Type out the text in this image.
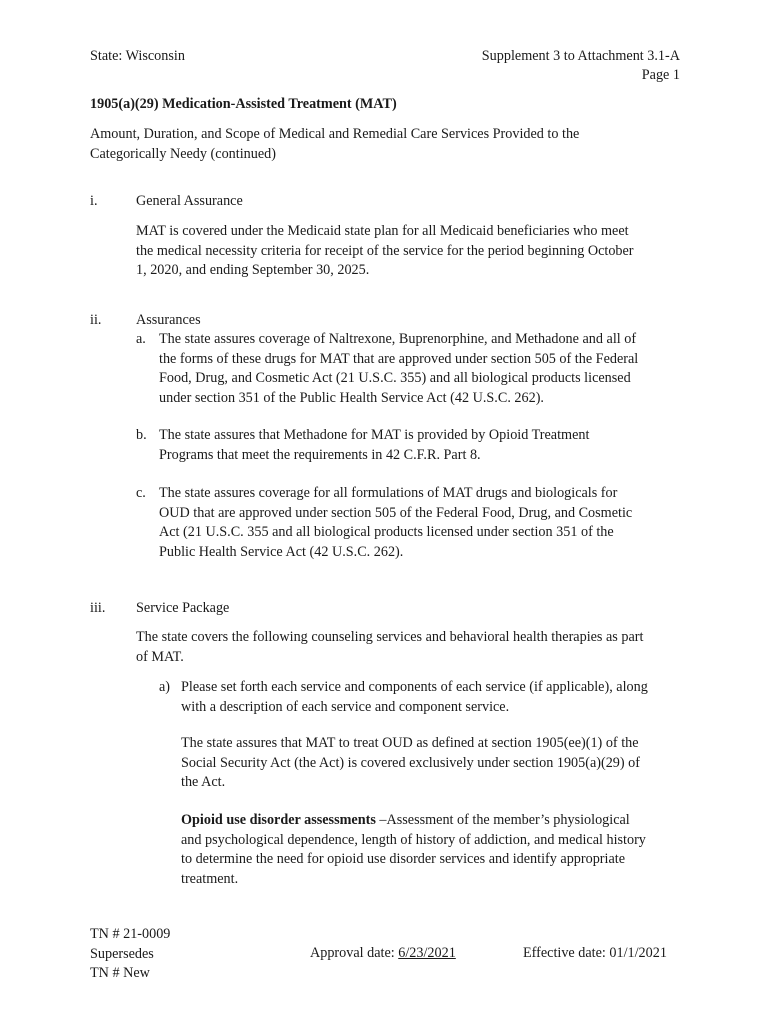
State: Wisconsin	Supplement 3 to Attachment 3.1-A
Page 1
1905(a)(29) Medication-Assisted Treatment (MAT)
Amount, Duration, and Scope of Medical and Remedial Care Services Provided to the
Categorically Needy (continued)
i.	General Assurance
MAT is covered under the Medicaid state plan for all Medicaid beneficiaries who meet
the medical necessity criteria for receipt of the service for the period beginning October
1, 2020, and ending September 30, 2025.
ii. Assurances
a. The state assures coverage of Naltrexone, Buprenorphine, and Methadone and all of
the forms of these drugs for MAT that are approved under section 505 of the Federal
Food, Drug, and Cosmetic Act (21 U.S.C. 355) and all biological products licensed
under section 351 of the Public Health Service Act (42 U.S.C. 262).
b. The state assures that Methadone for MAT is provided by Opioid Treatment
Programs that meet the requirements in 42 C.F.R. Part 8.
c. The state assures coverage for all formulations of MAT drugs and biologicals for
OUD that are approved under section 505 of the Federal Food, Drug, and Cosmetic
Act (21 U.S.C. 355 and all biological products licensed under section 351 of the
Public Health Service Act (42 U.S.C. 262).
iii. Service Package
The state covers the following counseling services and behavioral health therapies as part
of MAT.
a) Please set forth each service and components of each service (if applicable), along
with a description of each service and component service.
The state assures that MAT to treat OUD as defined at section 1905(ee)(1) of the
Social Security Act (the Act) is covered exclusively under section 1905(a)(29) of
the Act.
Opioid use disorder assessments –Assessment of the member’s physiological
and psychological dependence, length of history of addiction, and medical history
to determine the need for opioid use disorder services and identify appropriate
treatment.
TN # 21-0009
Supersedes
TN # New
Approval date: 6/23/2021	Effective date: 01/1/2021
